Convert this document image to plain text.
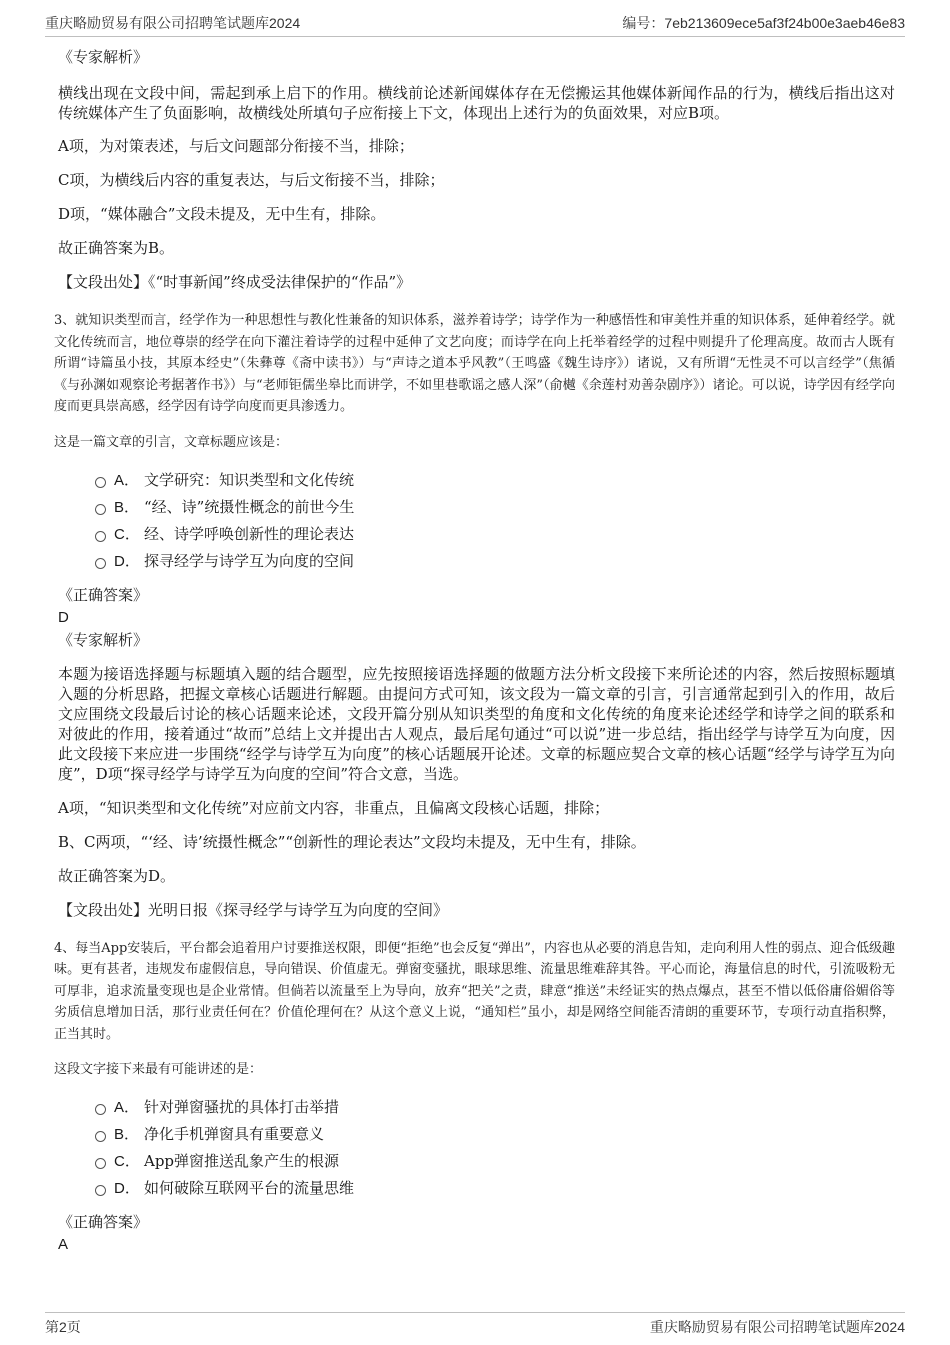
重庆略励贸易有限公司招聘笔试题库2024	编号：7eb213609ece5af3f24b00e3aeb46e83
《专家解析》
横线出现在文段中间，需起到承上启下的作用。横线前论述新闻媒体存在无偿搬运其他媒体新闻作品的行为，横线后指出这对传统媒体产生了负面影响，故横线处所填句子应衔接上下文，体现出上述行为的负面效果，对应B项。
A项，为对策表述，与后文问题部分衔接不当，排除；
C项，为横线后内容的重复表达，与后文衔接不当，排除；
D项，“媒体融合”文段未提及，无中生有，排除。
故正确答案为B。
【文段出处】《“时事新闻”终成受法律保护的“作品”》
3、就知识类型而言，经学作为一种思想性与教化性兼备的知识体系，滋养着诗学；诗学作为一种感悟性和审美性并重的知识体系，延伸着经学。就文化传统而言，地位尊崇的经学在向下灌注着诗学的过程中延伸了文艺向度；而诗学在向上托举着经学的过程中则提升了伦理高度。故而古人既有所谓“诗篇虽小技，其原本经史”（朱彝尊《斋中读书》）与“声诗之道本乎风教”（王鸣盛《魏生诗序》）诸说，又有所谓“无性灵不可以言经学”（焦循《与孙渊如观察论考据著作书》）与“老师钜儒坐皋比而讲学，不如里巷歌谣之感人深”（俞樾《余莲村劝善杂剧序》）诸论。可以说，诗学因有经学向度而更具崇高感，经学因有诗学向度而更具渗透力。
这是一篇文章的引言，文章标题应该是：
A． 文学研究：知识类型和文化传统
B． “经、诗”统摄性概念的前世今生
C． 经、诗学呼唤创新性的理论表达
D． 探寻经学与诗学互为向度的空间
《正确答案》
D
《专家解析》
本题为接语选择题与标题填入题的结合题型，应先按照接语选择题的做题方法分析文段接下来所论述的内容，然后按照标题填入题的分析思路，把握文章核心话题进行解题。由提问方式可知，该文段为一篇文章的引言，引言通常起到引入的作用，故后文应围绕文段最后讨论的核心话题来论述，文段开篇分别从知识类型的角度和文化传统的角度来论述经学和诗学之间的联系和对彼此的作用，接着通过“故而”总结上文并提出古人观点，最后尾句通过“可以说”进一步总结，指出经学与诗学互为向度，因此文段接下来应进一步围绕“经学与诗学互为向度”的核心话题展开论述。文章的标题应契合文章的核心话题“经学与诗学互为向度”，D项“探寻经学与诗学互为向度的空间”符合文意，当选。
A项，“知识类型和文化传统”对应前文内容，非重点，且偏离文段核心话题，排除；
B、C两项，“‘经、诗’统摄性概念”“创新性的理论表达”文段均未提及，无中生有，排除。
故正确答案为D。
【文段出处】光明日报《探寻经学与诗学互为向度的空间》
4、每当App安装后，平台都会追着用户讨要推送权限，即便“拒绝”也会反复“弹出”，内容也从必要的消息告知，走向利用人性的弱点、迎合低级趣味。更有甚者，违规发布虚假信息，导向错误、价值虚无。弹窗变骚扰，眼球思维、流量思维难辞其咎。平心而论，海量信息的时代，引流吸粉无可厚非，追求流量变现也是企业常情。但倘若以流量至上为导向，放弃“把关”之责，肆意“推送”未经证实的热点爆点，甚至不惜以低俗庸俗媚俗等劣质信息增加日活，那行业责任何在？价值伦理何在？从这个意义上说，“通知栏”虽小，却是网络空间能否清朗的重要环节，专项行动直指积弊，正当其时。
这段文字接下来最有可能讲述的是：
A． 针对弹窗骚扰的具体打击举措
B． 净化手机弹窗具有重要意义
C． App弹窗推送乱象产生的根源
D． 如何破除互联网平台的流量思维
《正确答案》
A
第2页	重庆略励贸易有限公司招聘笔试题库2024
